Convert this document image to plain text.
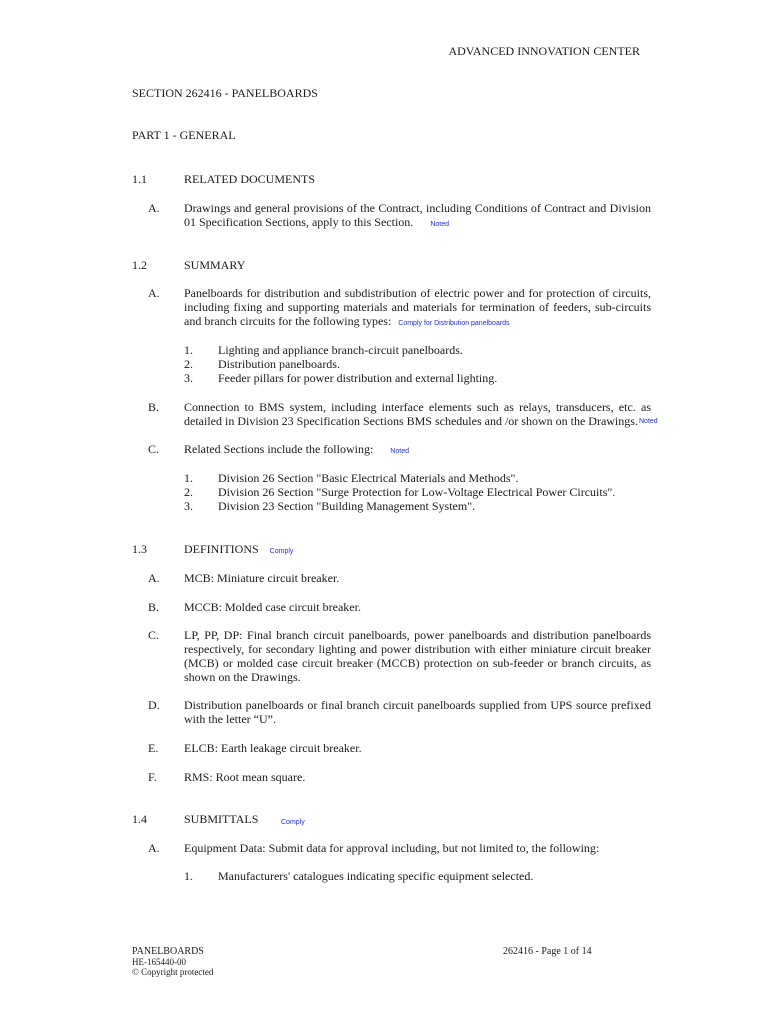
ADVANCED INNOVATION CENTER
SECTION 262416 - PANELBOARDS
PART 1 - GENERAL
1.1	RELATED DOCUMENTS
A. Drawings and general provisions of the Contract, including Conditions of Contract and Division 01 Specification Sections, apply to this Section. Noted
1.2	SUMMARY
A. Panelboards for distribution and subdistribution of electric power and for protection of circuits, including fixing and supporting materials and materials for termination of feeders, sub-circuits and branch circuits for the following types: Comply for Distribution panelboards
1. Lighting and appliance branch-circuit panelboards.
2. Distribution panelboards.
3. Feeder pillars for power distribution and external lighting.
B. Connection to BMS system, including interface elements such as relays, transducers, etc. as detailed in Division 23 Specification Sections BMS schedules and /or shown on the Drawings. Noted
C. Related Sections include the following: Noted
1. Division 26 Section "Basic Electrical Materials and Methods".
2. Division 26 Section "Surge Protection for Low-Voltage Electrical Power Circuits".
3. Division 23 Section "Building Management System".
1.3	DEFINITIONS Comply
A. MCB: Miniature circuit breaker.
B. MCCB: Molded case circuit breaker.
C. LP, PP, DP: Final branch circuit panelboards, power panelboards and distribution panelboards respectively, for secondary lighting and power distribution with either miniature circuit breaker (MCB) or molded case circuit breaker (MCCB) protection on sub-feeder or branch circuits, as shown on the Drawings.
D. Distribution panelboards or final branch circuit panelboards supplied from UPS source prefixed with the letter “U”.
E. ELCB: Earth leakage circuit breaker.
F. RMS: Root mean square.
1.4	SUBMITTALS	Comply
A. Equipment Data: Submit data for approval including, but not limited to, the following:
1. Manufacturers' catalogues indicating specific equipment selected.
PANELBOARDS
HE-165440-00
© Copyright protected
262416 - Page 1 of 14
